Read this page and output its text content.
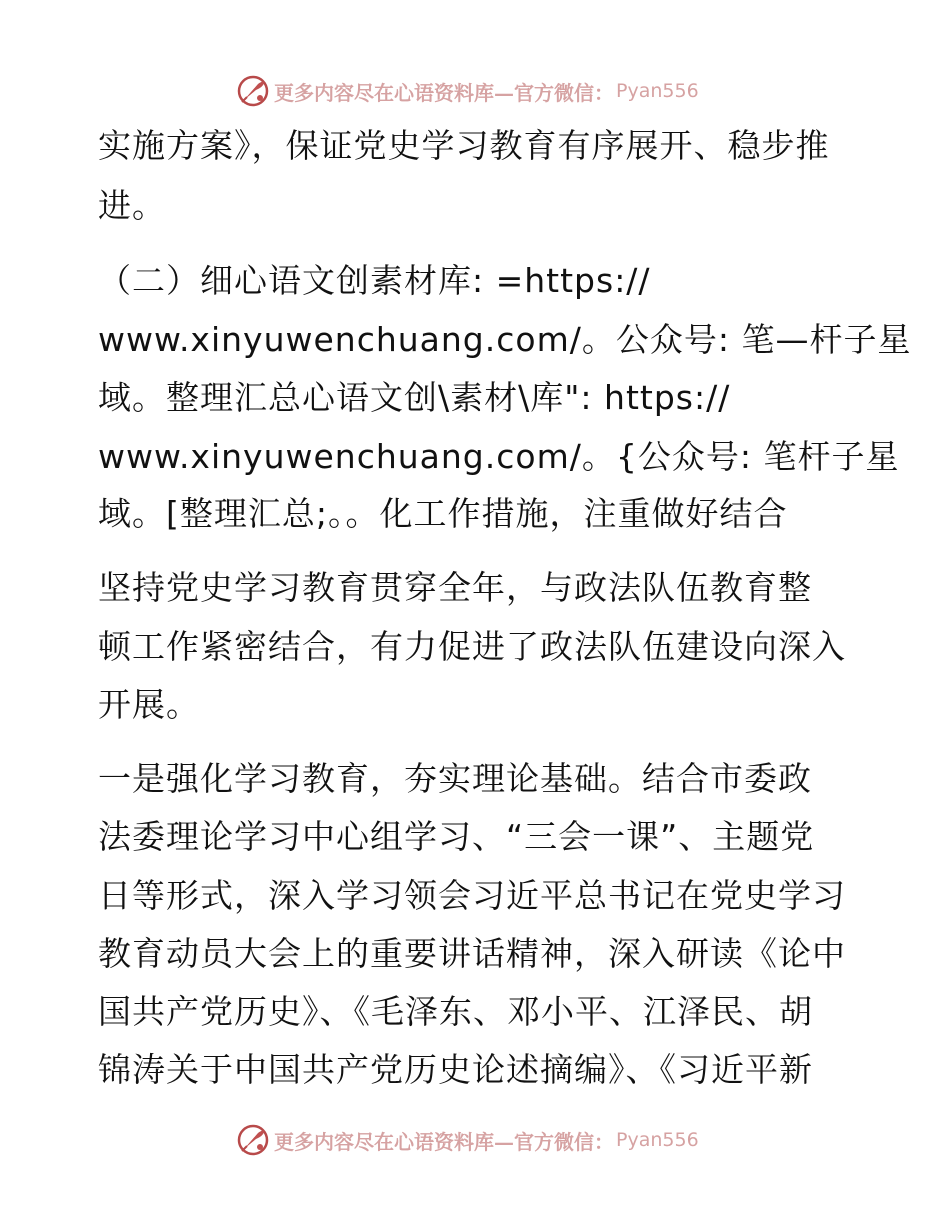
更多内容尽在心语资料库—官方微信： Pyan556
实施方案》，保证党史学习教育有序展开、稳步推
进。
（二）细心语文创素材库: =https://
www.xinyuwenchuang.com/。公众号: 笔—杆子星
域。整理汇总心语文创\素材\库": https://
www.xinyuwenchuang.com/。{公众号: 笔杆子星
域。[整理汇总;。。化工作措施，注重做好结合
坚持党史学习教育贯穿全年，与政法队伍教育整
顿工作紧密结合，有力促进了政法队伍建设向深入
开展。
一是强化学习教育，夯实理论基础。结合市委政
法委理论学习中心组学习、“三会一课”、主题党
日等形式，深入学习领会习近平总书记在党史学习
教育动员大会上的重要讲话精神，深入研读《论中
国共产党历史》、《毛泽东、邓小平、江泽民、胡
锦涛关于中国共产党历史论述摘编》、《习近平新
更多内容尽在心语资料库—官方微信： Pyan556
